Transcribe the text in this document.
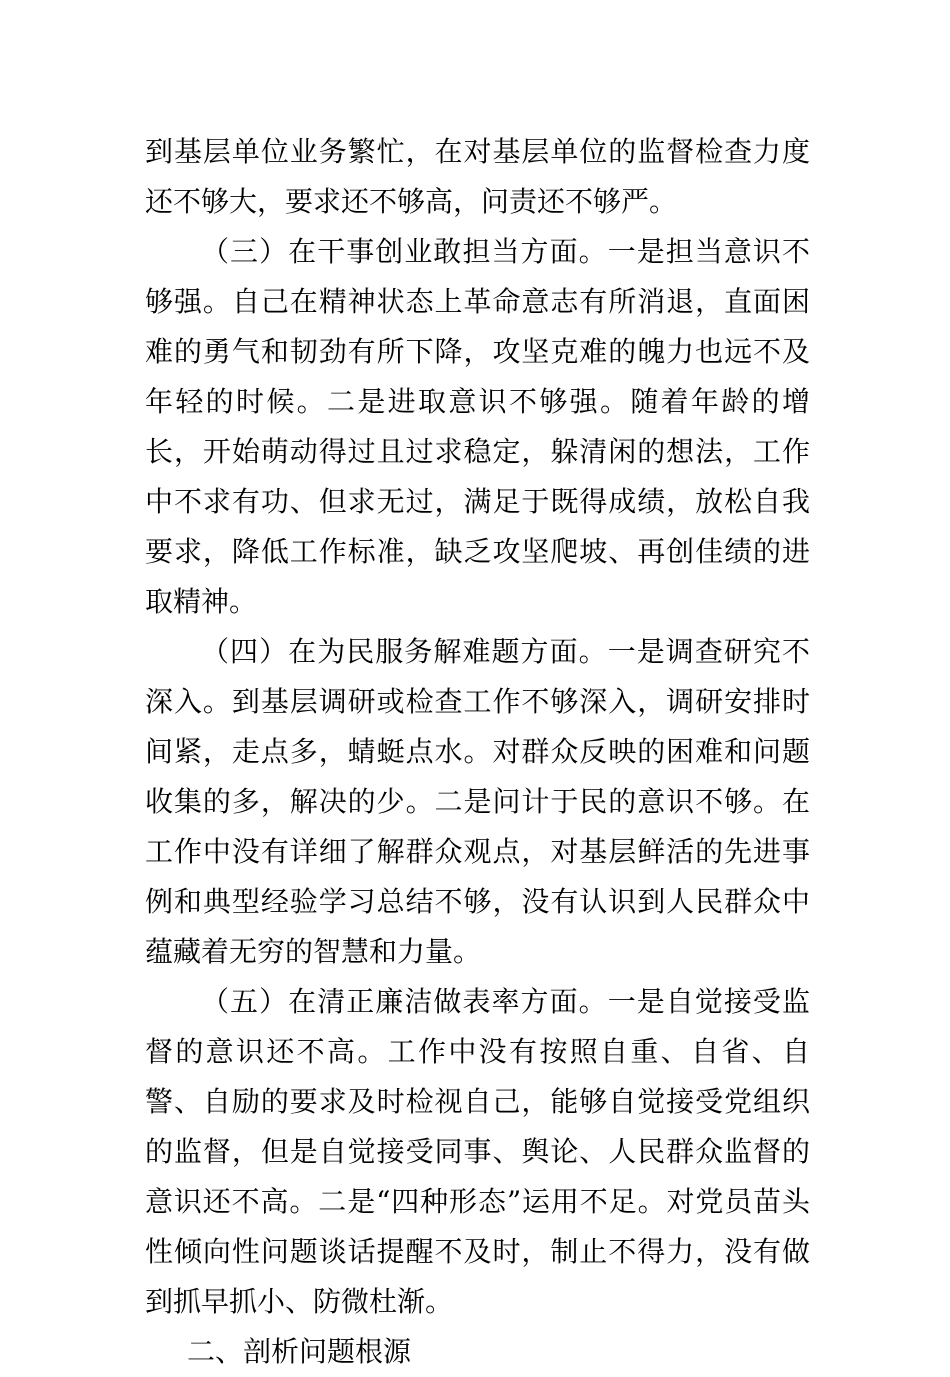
到基层单位业务繁忙，在对基层单位的监督检查力度还不够大，要求还不够高，问责还不够严。

（三）在干事创业敢担当方面。一是担当意识不够强。自己在精神状态上革命意志有所消退，直面困难的勇气和韧劲有所下降，攻坚克难的魄力也远不及年轻的时候。二是进取意识不够强。随着年龄的增长，开始萌动得过且过求稳定，躲清闲的想法，工作中不求有功、但求无过，满足于既得成绩，放松自我要求，降低工作标准，缺乏攻坚爬坡、再创佳绩的进取精神。

（四）在为民服务解难题方面。一是调查研究不深入。到基层调研或检查工作不够深入，调研安排时间紧，走点多，蜻蜓点水。对群众反映的困难和问题收集的多，解决的少。二是问计于民的意识不够。在工作中没有详细了解群众观点，对基层鲜活的先进事例和典型经验学习总结不够，没有认识到人民群众中蕴藏着无穷的智慧和力量。

（五）在清正廉洁做表率方面。一是自觉接受监督的意识还不高。工作中没有按照自重、自省、自警、自励的要求及时检视自己，能够自觉接受党组织的监督，但是自觉接受同事、舆论、人民群众监督的意识还不高。二是“四种形态”运用不足。对党员苗头性倾向性问题谈话提醒不及时，制止不得力，没有做到抓早抓小、防微杜渐。

二、剖析问题根源
